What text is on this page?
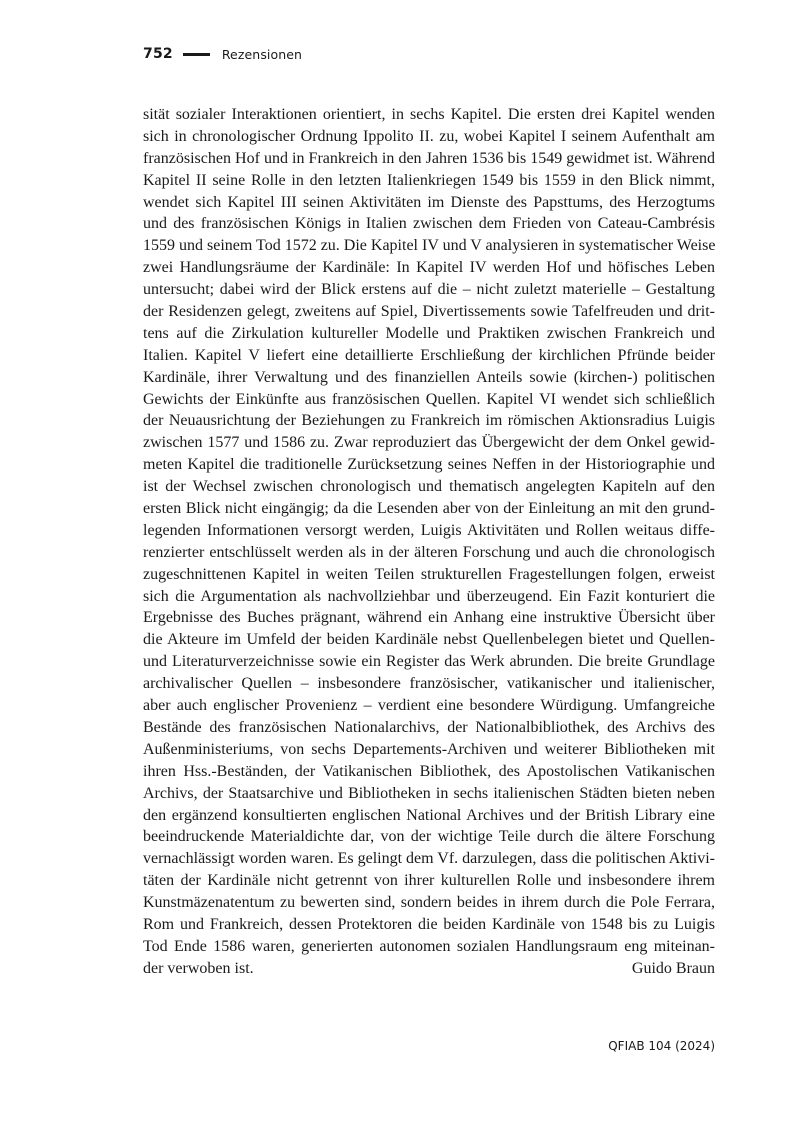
752	Rezensionen
sität sozialer Interaktionen orientiert, in sechs Kapitel. Die ersten drei Kapitel wenden
sich in chronologischer Ordnung Ippolito II. zu, wobei Kapitel I seinem Aufenthalt am
französischen Hof und in Frankreich in den Jahren 1536 bis 1549 gewidmet ist. Während
Kapitel II seine Rolle in den letzten Italienkriegen 1549 bis 1559 in den Blick nimmt,
wendet sich Kapitel III seinen Aktivitäten im Dienste des Papsttums, des Herzogtums
und des französischen Königs in Italien zwischen dem Frieden von Cateau-Cambrésis
1559 und seinem Tod 1572 zu. Die Kapitel IV und V analysieren in systematischer Weise
zwei Handlungsräume der Kardinäle: In Kapitel IV werden Hof und höfisches Leben
untersucht; dabei wird der Blick erstens auf die – nicht zuletzt materielle – Gestaltung
der Residenzen gelegt, zweitens auf Spiel, Divertissements sowie Tafelfreuden und drit-
tens auf die Zirkulation kultureller Modelle und Praktiken zwischen Frankreich und
Italien. Kapitel V liefert eine detaillierte Erschließung der kirchlichen Pfründe beider
Kardinäle, ihrer Verwaltung und des finanziellen Anteils sowie (kirchen-) politischen
Gewichts der Einkünfte aus französischen Quellen. Kapitel VI wendet sich schließlich
der Neuausrichtung der Beziehungen zu Frankreich im römischen Aktionsradius Luigis
zwischen 1577 und 1586 zu. Zwar reproduziert das Übergewicht der dem Onkel gewid-
meten Kapitel die traditionelle Zurücksetzung seines Neffen in der Historiographie und
ist der Wechsel zwischen chronologisch und thematisch angelegten Kapiteln auf den
ersten Blick nicht eingängig; da die Lesenden aber von der Einleitung an mit den grund-
legenden Informationen versorgt werden, Luigis Aktivitäten und Rollen weitaus diffe-
renzierter entschlüsselt werden als in der älteren Forschung und auch die chronologisch
zugeschnittenen Kapitel in weiten Teilen strukturellen Fragestellungen folgen, erweist
sich die Argumentation als nachvollziehbar und überzeugend. Ein Fazit konturiert die
Ergebnisse des Buches prägnant, während ein Anhang eine instruktive Übersicht über
die Akteure im Umfeld der beiden Kardinäle nebst Quellenbelegen bietet und Quellen-
und Literaturverzeichnisse sowie ein Register das Werk abrunden. Die breite Grundlage
archivalischer Quellen – insbesondere französischer, vatikanischer und italienischer,
aber auch englischer Provenienz – verdient eine besondere Würdigung. Umfangreiche
Bestände des französischen Nationalarchivs, der Nationalbibliothek, des Archivs des
Außenministeriums, von sechs Departements-Archiven und weiterer Bibliotheken mit
ihren Hss.-Beständen, der Vatikanischen Bibliothek, des Apostolischen Vatikanischen
Archivs, der Staatsarchive und Bibliotheken in sechs italienischen Städten bieten neben
den ergänzend konsultierten englischen National Archives und der British Library eine
beeindruckende Materialdichte dar, von der wichtige Teile durch die ältere Forschung
vernachlässigt worden waren. Es gelingt dem Vf. darzulegen, dass die politischen Aktivi-
täten der Kardinäle nicht getrennt von ihrer kulturellen Rolle und insbesondere ihrem
Kunstmäzenatentum zu bewerten sind, sondern beides in ihrem durch die Pole Ferrara,
Rom und Frankreich, dessen Protektoren die beiden Kardinäle von 1548 bis zu Luigis
Tod Ende 1586 waren, generierten autonomen sozialen Handlungsraum eng miteinan-
der verwoben ist.	Guido Braun
QFIAB 104 (2024)
